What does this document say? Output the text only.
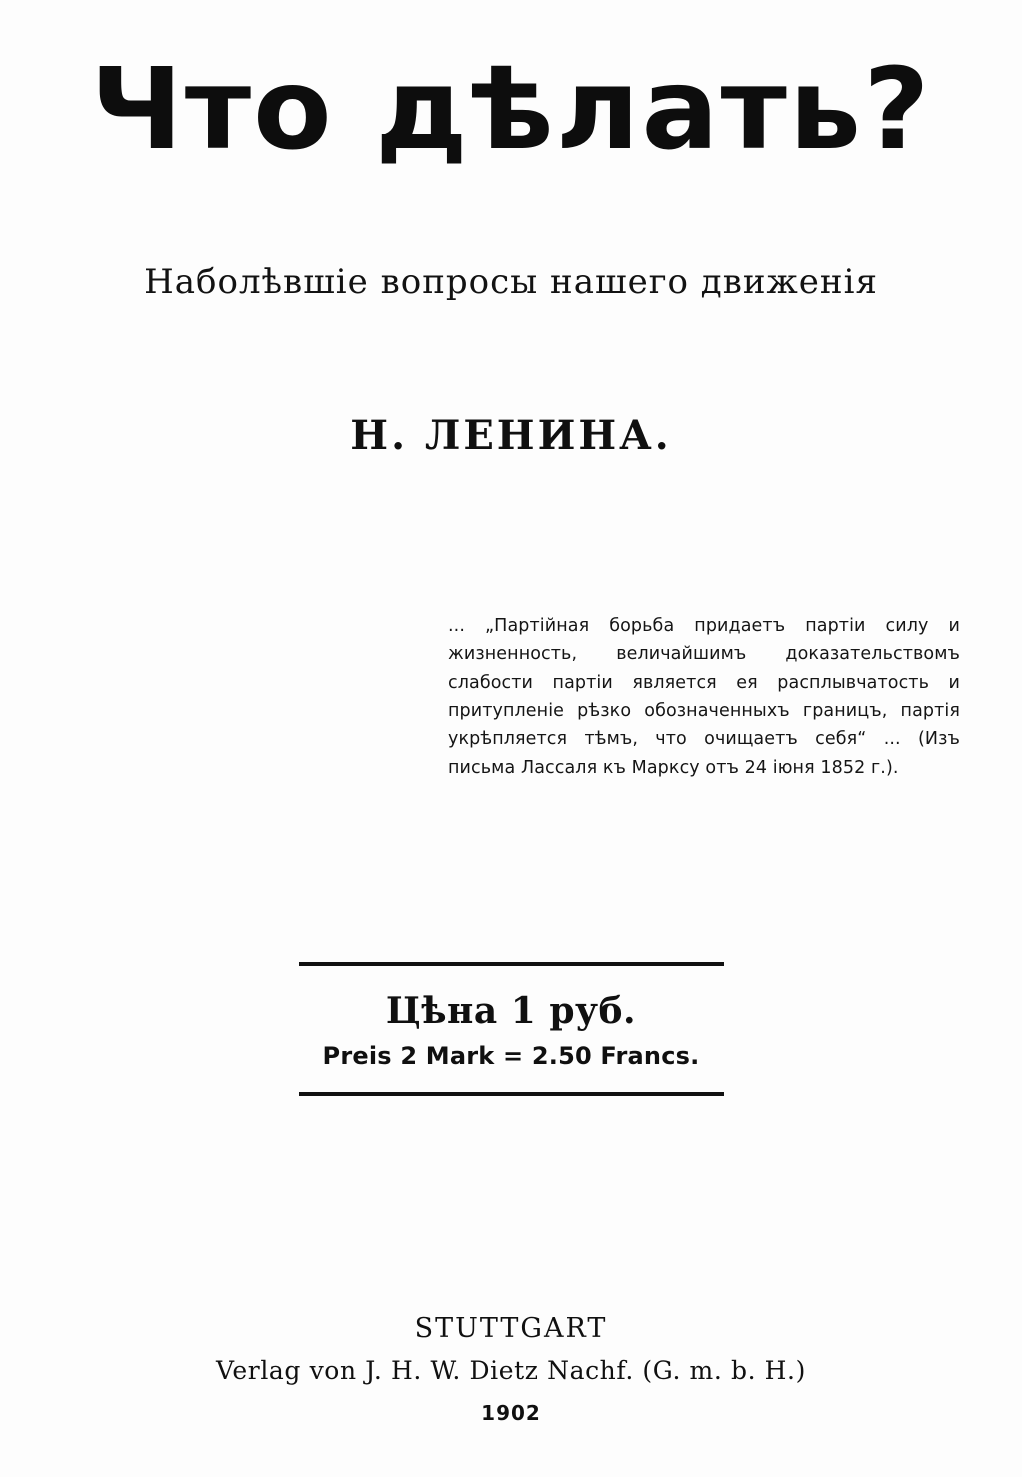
Что дѣлать?
Наболѣвшіе вопросы нашего движенія
Н. ЛЕНИНА.
... „Партійная борьба придаетъ партіи силу и жизненность, величайшимъ доказательствомъ слабости партіи является ея расплывчатость и притупленіе рѣзко обозначенныхъ границъ, партія укрѣпляется тѣмъ, что очищаетъ себя“ ... (Изъ письма Лассаля къ Марксу отъ 24 іюня 1852 г.).
Цѣна 1 руб.
Preis 2 Mark = 2.50 Francs.
STUTTGART
Verlag von J. H. W. Dietz Nachf. (G. m. b. H.)
1902
